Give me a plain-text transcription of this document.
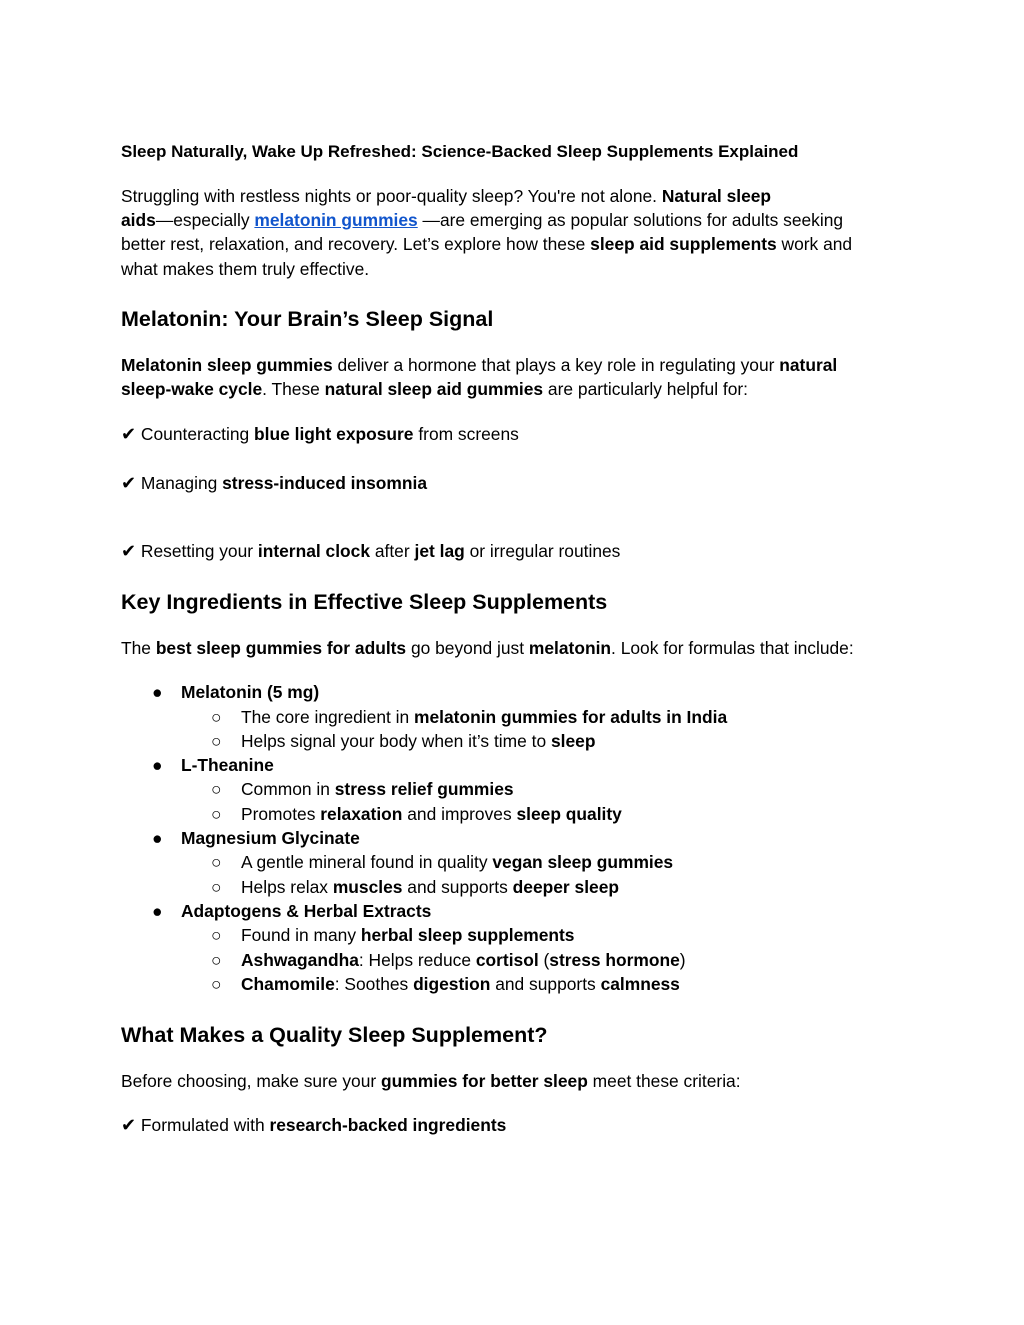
Sleep Naturally, Wake Up Refreshed: Science-Backed Sleep Supplements Explained
Struggling with restless nights or poor-quality sleep? You're not alone. Natural sleep
aids—especially melatonin gummies —are emerging as popular solutions for adults seeking
better rest, relaxation, and recovery. Let’s explore how these sleep aid supplements work and
what makes them truly effective.
Melatonin: Your Brain’s Sleep Signal
Melatonin sleep gummies deliver a hormone that plays a key role in regulating your natural
sleep-wake cycle. These natural sleep aid gummies are particularly helpful for:
✔ Counteracting blue light exposure from screens
✔ Managing stress-induced insomnia
✔ Resetting your internal clock after jet lag or irregular routines
Key Ingredients in Effective Sleep Supplements
The best sleep gummies for adults go beyond just melatonin. Look for formulas that include:
● Melatonin (5 mg)
○ The core ingredient in melatonin gummies for adults in India
○ Helps signal your body when it’s time to sleep
● L-Theanine
○ Common in stress relief gummies
○ Promotes relaxation and improves sleep quality
● Magnesium Glycinate
○ A gentle mineral found in quality vegan sleep gummies
○ Helps relax muscles and supports deeper sleep
● Adaptogens & Herbal Extracts
○ Found in many herbal sleep supplements
○ Ashwagandha: Helps reduce cortisol (stress hormone)
○ Chamomile: Soothes digestion and supports calmness
What Makes a Quality Sleep Supplement?
Before choosing, make sure your gummies for better sleep meet these criteria:
✔ Formulated with research-backed ingredients
